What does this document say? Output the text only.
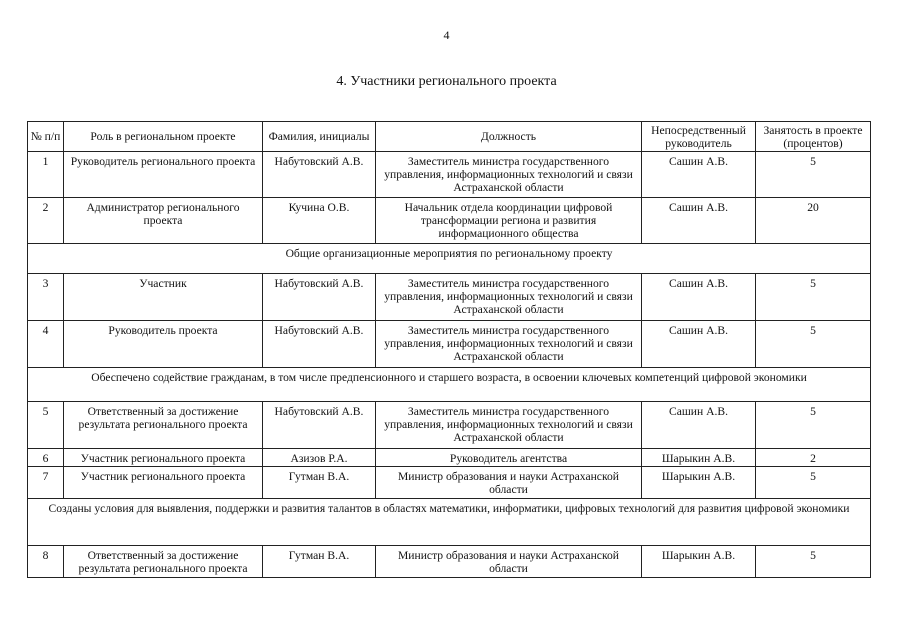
4
4. Участники регионального проекта
№ п/п	Роль в региональном проекте	Фамилия, инициалы	Должность	Непосредственный руководитель	Занятость в проекте (процентов)
1	Руководитель регионального проекта	Набутовский А.В.	Заместитель министра государственного управления, информационных технологий и связи Астраханской области	Сашин А.В.	5
2	Администратор регионального проекта	Кучина О.В.	Начальник отдела координации цифровой трансформации региона и развития информационного общества	Сашин А.В.	20
Общие организационные мероприятия по региональному проекту					
3	Участник	Набутовский А.В.	Заместитель министра государственного управления, информационных технологий и связи Астраханской области	Сашин А.В.	5
4	Руководитель проекта	Набутовский А.В.	Заместитель министра государственного управления, информационных технологий и связи Астраханской области	Сашин А.В.	5
Обеспечено содействие гражданам, в том числе предпенсионного и старшего возраста, в освоении ключевых компетенций цифровой экономики					
5	Ответственный за достижение результата регионального проекта	Набутовский А.В.	Заместитель министра государственного управления, информационных технологий и связи Астраханской области	Сашин А.В.	5
6	Участник регионального проекта	Азизов Р.А.	Руководитель агентства	Шарыкин А.В.	2
7	Участник регионального проекта	Гутман В.А.	Министр образования и науки Астраханской области	Шарыкин А.В.	5
Созданы условия для выявления, поддержки и развития талантов в областях математики, информатики, цифровых технологий для развития цифровой экономики					
8	Ответственный за достижение результата регионального проекта	Гутман В.А.	Министр образования и науки Астраханской области	Шарыкин А.В.	5
